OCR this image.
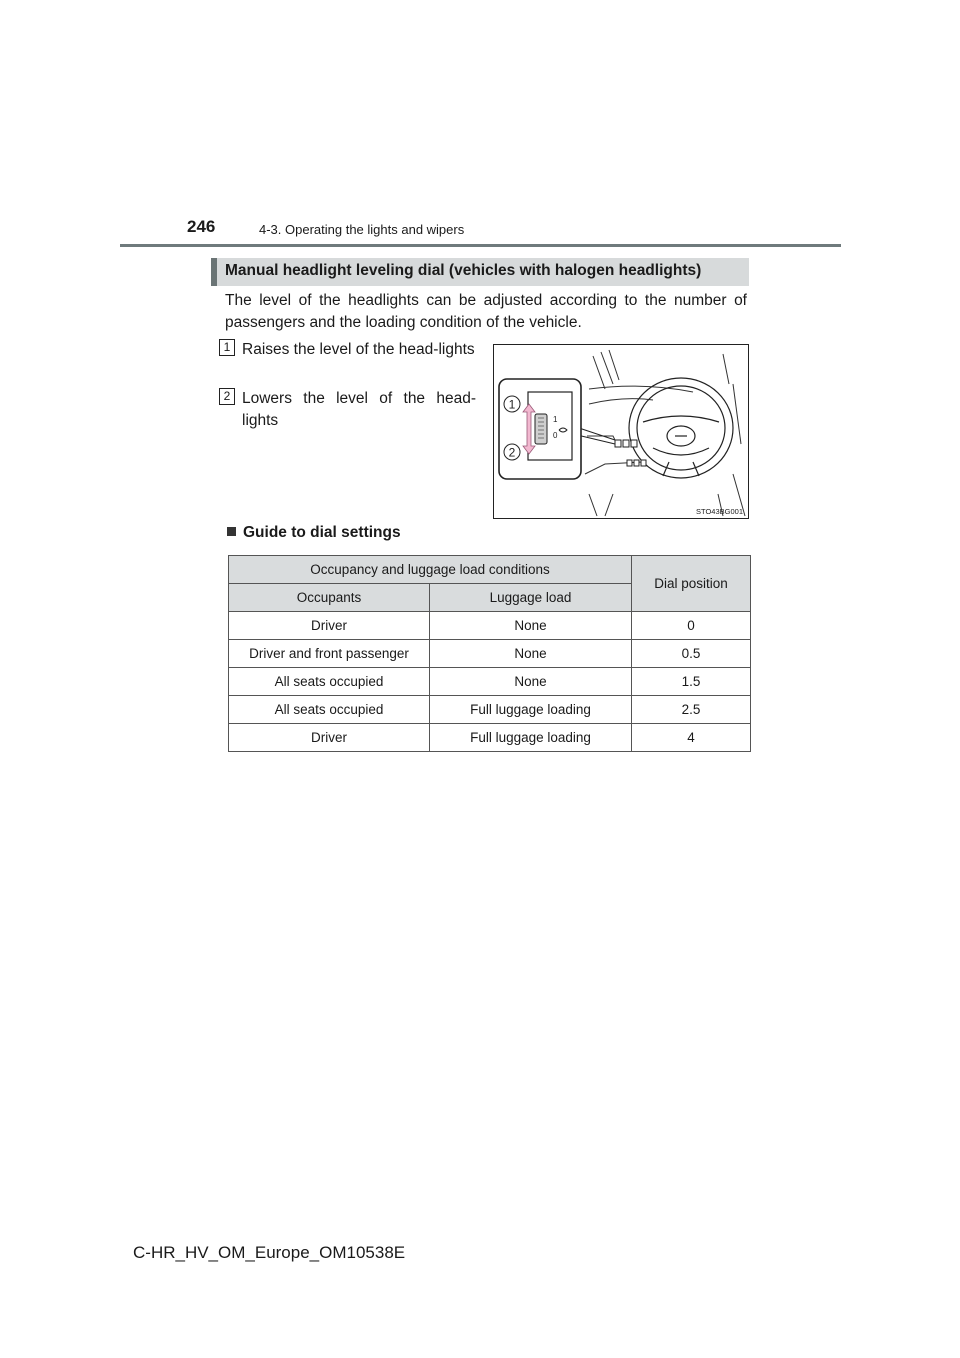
246	4-3. Operating the lights and wipers
Manual headlight leveling dial (vehicles with halogen headlights)
The level of the headlights can be adjusted according to the number of passengers and the loading condition of the vehicle.
1 Raises the level of the head-lights
2 Lowers the level of the head-lights	1
0
1
2
STO43BG001
Guide to dial settings
Occupancy and luggage load conditions		Dial position
Occupants	Luggage load	
Driver	None	0
Driver and front passenger	None	0.5
All seats occupied	None	1.5
All seats occupied	Full luggage loading	2.5
Driver	Full luggage loading	4
C-HR_HV_OM_Europe_OM10538E
